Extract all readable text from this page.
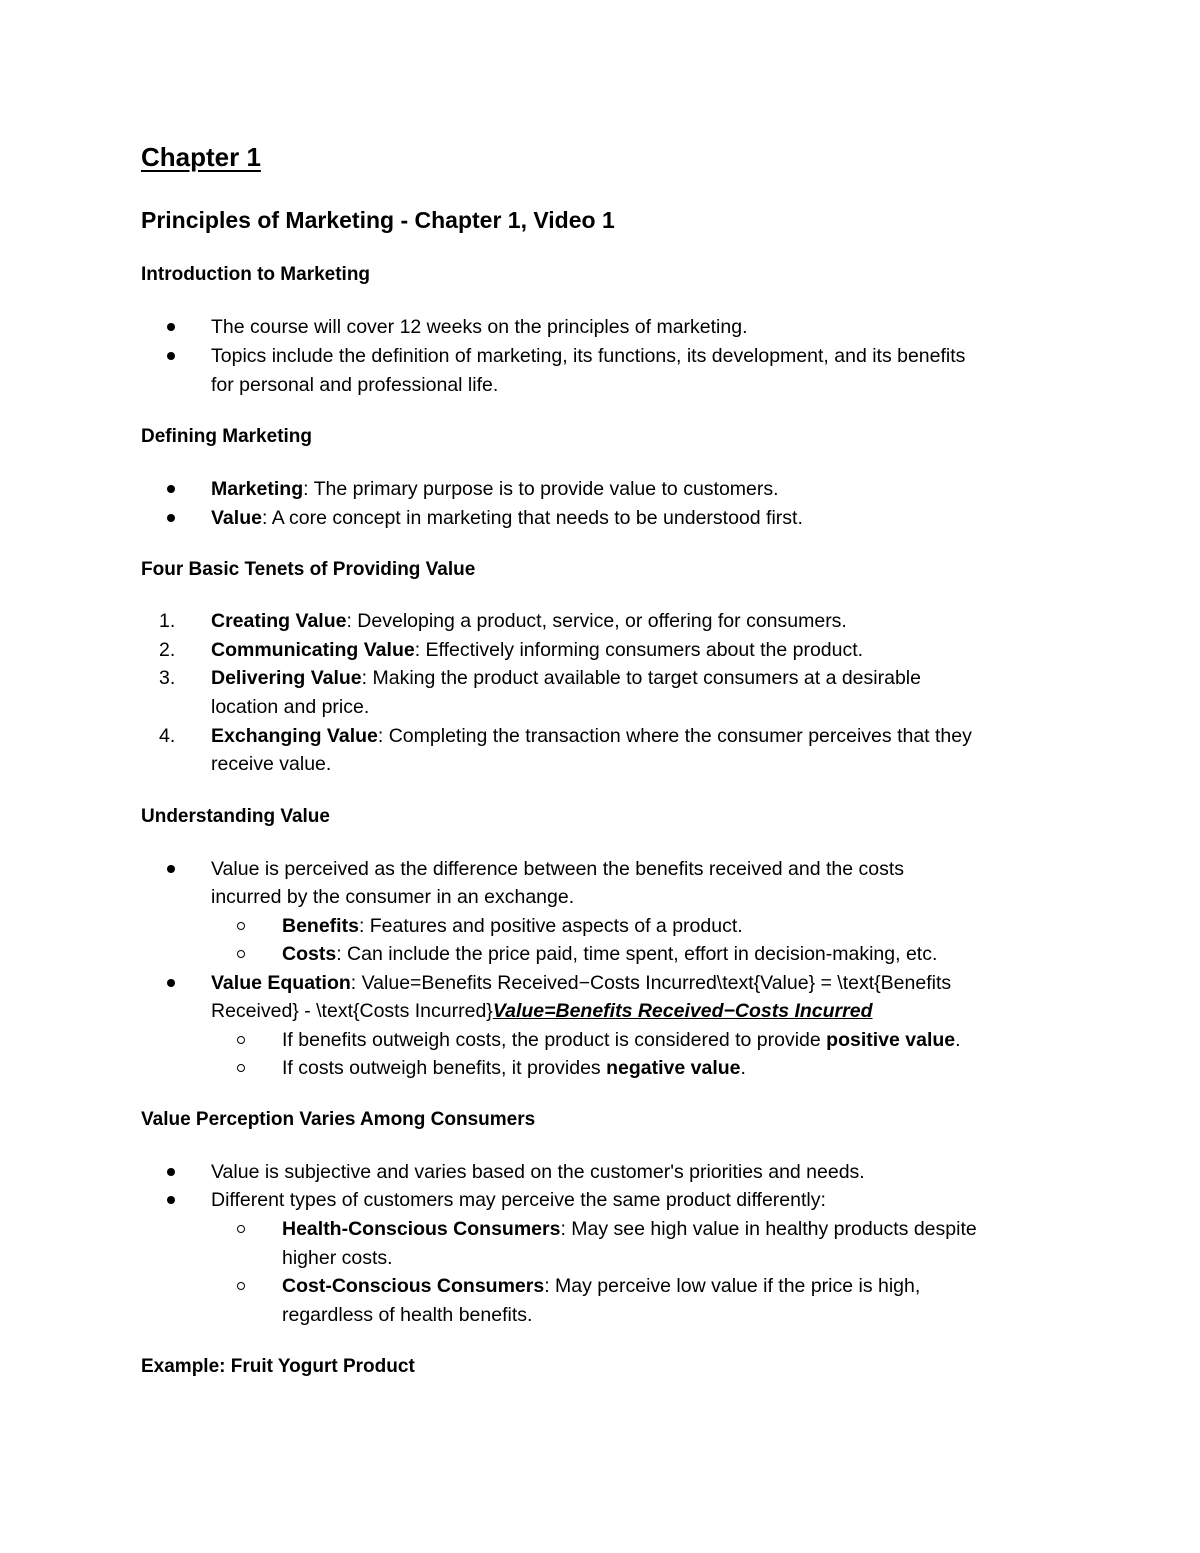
Chapter 1
Principles of Marketing - Chapter 1, Video 1
Introduction to Marketing
The course will cover 12 weeks on the principles of marketing.
Topics include the definition of marketing, its functions, its development, and its benefits
for personal and professional life.
Defining Marketing
Marketing: The primary purpose is to provide value to customers.
Value: A core concept in marketing that needs to be understood first.
Four Basic Tenets of Providing Value
1. Creating Value: Developing a product, service, or offering for consumers.
2. Communicating Value: Effectively informing consumers about the product.
3. Delivering Value: Making the product available to target consumers at a desirable
location and price.
4. Exchanging Value: Completing the transaction where the consumer perceives that they
receive value.
Understanding Value
Value is perceived as the difference between the benefits received and the costs
incurred by the consumer in an exchange.
Benefits: Features and positive aspects of a product.
Costs: Can include the price paid, time spent, effort in decision-making, etc.
Value Equation: Value=Benefits Received−Costs Incurred\text{Value} = \text{Benefits
Received} - \text{Costs Incurred}Value=Benefits Received−Costs Incurred
If benefits outweigh costs, the product is considered to provide positive value.
If costs outweigh benefits, it provides negative value.
Value Perception Varies Among Consumers
Value is subjective and varies based on the customer's priorities and needs.
Different types of customers may perceive the same product differently:
Health-Conscious Consumers: May see high value in healthy products despite
higher costs.
Cost-Conscious Consumers: May perceive low value if the price is high,
regardless of health benefits.
Example: Fruit Yogurt Product
